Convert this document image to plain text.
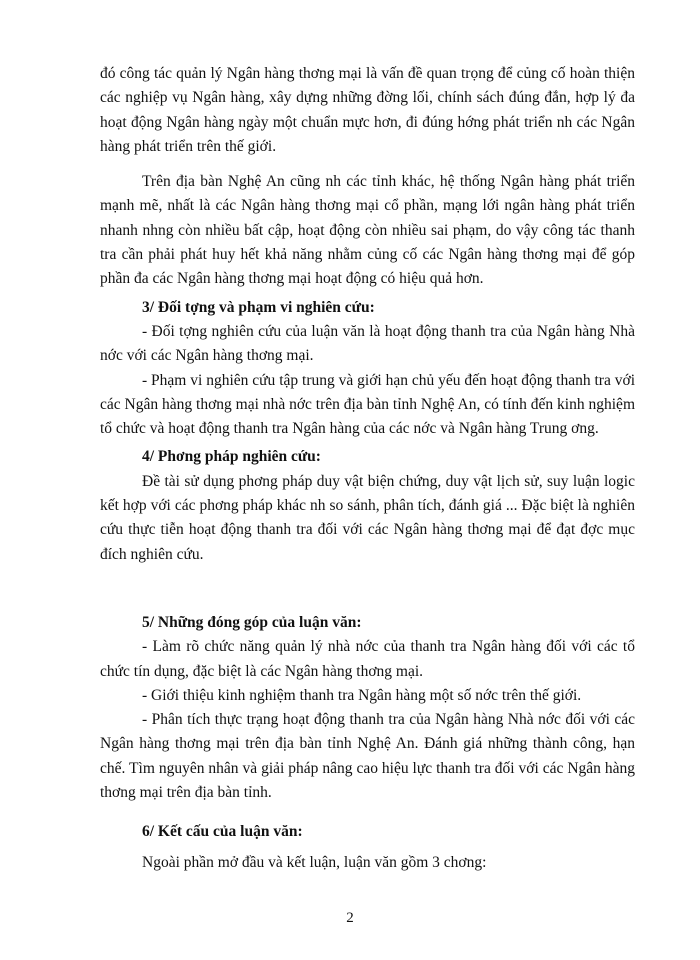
đó công tác quản lý Ngân hàng thơng mại là vấn đề quan trọng để củng cố hoàn thiện các nghiệp vụ Ngân hàng, xây dựng những đờng lối, chính sách đúng đắn, hợp lý đa hoạt động Ngân hàng ngày một chuẩn mực hơn, đi đúng hớng phát triển nh các Ngân hàng phát triển trên thế giới.

Trên địa bàn Nghệ An cũng nh các tỉnh khác, hệ thống Ngân hàng phát triển mạnh mẽ, nhất là các Ngân hàng thơng mại cổ phần, mạng lới ngân hàng phát triển nhanh nhng còn nhiều bất cập, hoạt động còn nhiều sai phạm, do vậy công tác thanh tra cần phải phát huy hết khả năng nhằm củng cố các Ngân hàng thơng mại để góp phần đa các Ngân hàng thơng mại hoạt động có hiệu quả hơn.

3/ Đối tợng và phạm vi nghiên cứu:

- Đối tợng nghiên cứu của luận văn là hoạt động thanh tra của Ngân hàng Nhà nớc với các Ngân hàng thơng mại.

- Phạm vi nghiên cứu tập trung và giới hạn chủ yếu đến hoạt động thanh tra với các Ngân hàng thơng mại nhà nớc trên địa bàn tỉnh Nghệ An, có tính đến kinh nghiệm tổ chức và hoạt động thanh tra Ngân hàng của các nớc và Ngân hàng Trung ơng.

4/ Phơng pháp nghiên cứu:

Đề tài sử dụng phơng pháp duy vật biện chứng, duy vật lịch sử, suy luận logic kết hợp với các phơng pháp khác nh so sánh, phân tích, đánh giá ... Đặc biệt là nghiên cứu thực tiễn hoạt động thanh tra đối với các Ngân hàng thơng mại để đạt đợc mục đích nghiên cứu.

5/ Những đóng góp của luận văn:

- Làm rõ chức năng quản lý nhà nớc của thanh tra Ngân hàng đối với các tổ chức tín dụng, đặc biệt là các Ngân hàng thơng mại.

- Giới thiệu kinh nghiệm thanh tra Ngân hàng một số nớc trên thế giới.

- Phân tích thực trạng hoạt động thanh tra của Ngân hàng Nhà nớc đối với các Ngân hàng thơng mại trên địa bàn tỉnh Nghệ An. Đánh giá những thành công, hạn chế. Tìm nguyên nhân và giải pháp nâng cao hiệu lực thanh tra đối với các Ngân hàng thơng mại trên địa bàn tỉnh.

6/ Kết cấu của luận văn:

Ngoài phần mở đầu và kết luận, luận văn gồm 3 chơng:

2
